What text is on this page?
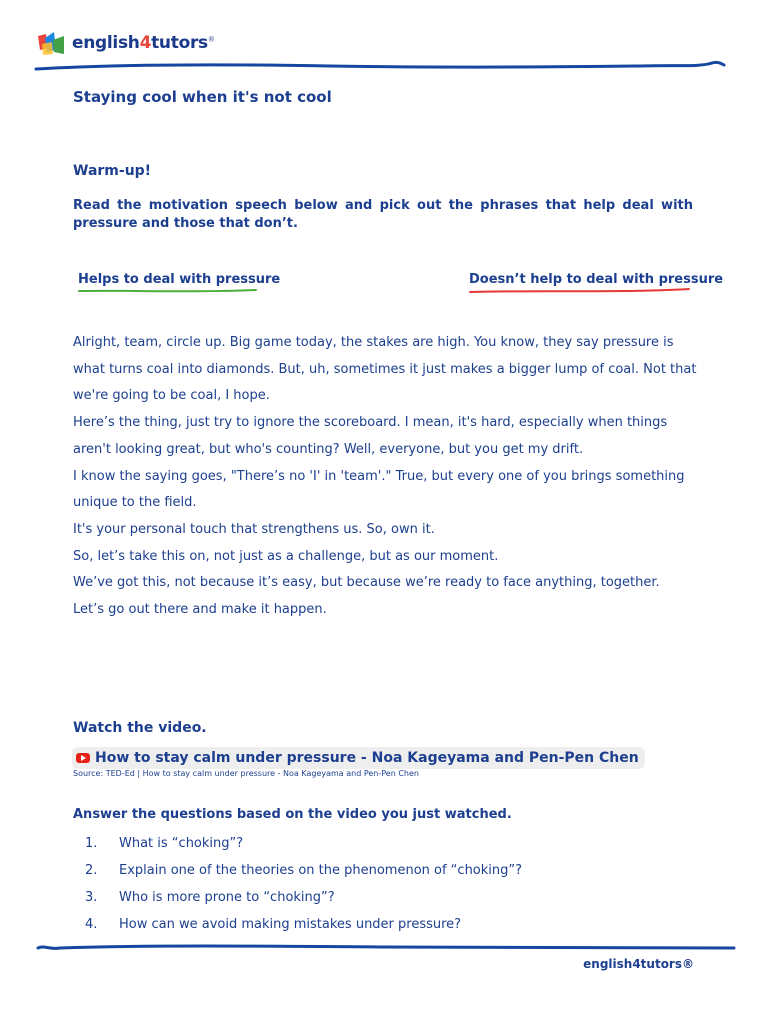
english4tutors®
Staying cool when it's not cool
Warm-up!
Read the motivation speech below and pick out the phrases that help deal with pressure and those that don’t.
Helps to deal with pressure	Doesn’t help to deal with pressure

Alright, team, circle up. Big game today, the stakes are high. You know, they say pressure is what turns coal into diamonds. But, uh, sometimes it just makes a bigger lump of coal. Not that we're going to be coal, I hope.

Here’s the thing, just try to ignore the scoreboard. I mean, it's hard, especially when things aren't looking great, but who's counting? Well, everyone, but you get my drift.

I know the saying goes, "There’s no 'I' in 'team'." True, but every one of you brings something unique to the field.

It's your personal touch that strengthens us. So, own it.

So, let’s take this on, not just as a challenge, but as our moment.

We’ve got this, not because it’s easy, but because we’re ready to face anything, together.

Let’s go out there and make it happen.

Watch the video.
How to stay calm under pressure - Noa Kageyama and Pen-Pen Chen
Source: TED-Ed | How to stay calm under pressure - Noa Kageyama and Pen-Pen Chen
Answer the questions based on the video you just watched.
1.	What is “choking”?
2.	Explain one of the theories on the phenomenon of “choking”?
3.	Who is more prone to “choking”?
4.	How can we avoid making mistakes under pressure?
english4tutors®
